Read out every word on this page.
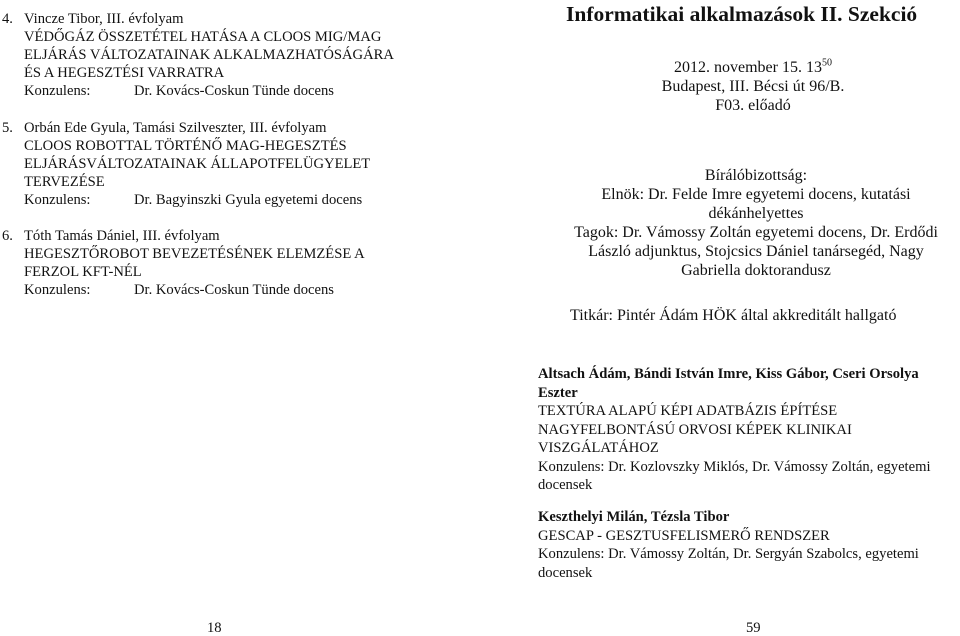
4. Vincze Tibor, III. évfolyam
VÉDŐGÁZ ÖSSZETÉTEL HATÁSA A CLOOS MIG/MAG
ELJÁRÁS VÁLTOZATAINAK ALKALMAZHATÓSÁGÁRA
ÉS A HEGESZTÉSI VARRATRA
Konzulens:	Dr. Kovács-Coskun Tünde docens
5. Orbán Ede Gyula, Tamási Szilveszter, III. évfolyam
CLOOS ROBOTTAL TÖRTÉNŐ MAG-HEGESZTÉS
ELJÁRÁSVÁLTOZATAINAK ÁLLAPOTFELÜGYELET
TERVEZÉSE
Konzulens:	Dr. Bagyinszki Gyula egyetemi docens
6. Tóth Tamás Dániel, III. évfolyam
HEGESZTŐROBOT BEVEZETÉSÉNEK ELEMZÉSE A
FERZOL KFT-NÉL
Konzulens:	Dr. Kovács-Coskun Tünde docens
18
Informatikai alkalmazások II. Szekció
2012. november 15. $13^{50}$
Budapest, III. Bécsi út 96/B.
F03. előadó
Bírálóbizottság:
Elnök: Dr. Felde Imre egyetemi docens, kutatási
dékánhelyettes
Tagok: Dr. Vámossy Zoltán egyetemi docens, Dr. Erdődi
László adjunktus, Stojcsics Dániel tanársegéd, Nagy
Gabriella doktorandusz
Titkár: Pintér Ádám HÖK által akkreditált hallgató
59
Altsach Ádám, Bándi István Imre, Kiss Gábor, Cseri Orsolya
Eszter
TEXTÚRA ALAPÚ KÉPI ADATBÁZIS ÉPÍTÉSE
NAGYFELBONTÁSÚ ORVOSI KÉPEK KLINIKAI
VISZGÁLATÁHOZ
Konzulens: Dr. Kozlovszky Miklós, Dr. Vámossy Zoltán, egyetemi
docensek
Keszthelyi Milán, Tézsla Tibor
GESCAP - GESZTUSFELISMERŐ RENDSZER
Konzulens: Dr. Vámossy Zoltán, Dr. Sergyán Szabolcs, egyetemi
docensek
